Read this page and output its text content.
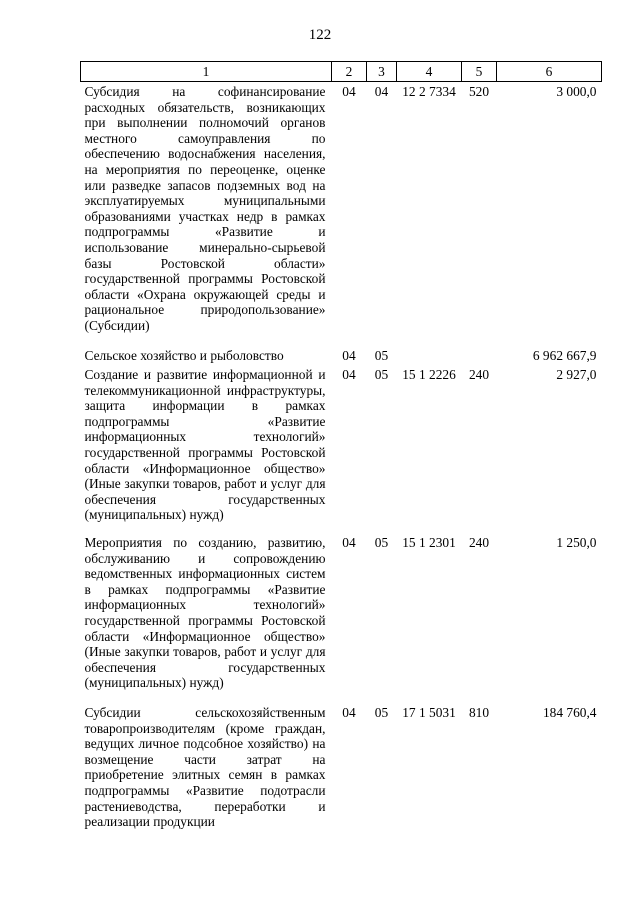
122
1	2	3	4	5	6
Субсидия на софинансирование расходных обязательств, возникающих при выполнении полномочий органов местного самоуправления по обеспечению водоснабжения населения, на мероприятия по переоценке, оценке или разведке запасов подземных вод на эксплуатируемых муниципальными образованиями участках недр в рамках подпрограммы «Развитие и использование минерально-сырьевой базы Ростовской области» государственной программы Ростовской области «Охрана окружающей среды и рациональное природопользование» (Субсидии)	04	04	12 2 7334	520	3 000,0
Сельское хозяйство и рыболовство	04	05			6 962 667,9
Создание и развитие информационной и телекоммуникационной инфраструктуры, защита информации в рамках подпрограммы «Развитие информационных технологий» государственной программы Ростовской области «Информационное общество» (Иные закупки товаров, работ и услуг для обеспечения государственных (муниципальных) нужд)	04	05	15 1 2226	240	2 927,0
Мероприятия по созданию, развитию, обслуживанию и сопровождению ведомственных информационных систем в рамках подпрограммы «Развитие информационных технологий» государственной программы Ростовской области «Информационное общество» (Иные закупки товаров, работ и услуг для обеспечения государственных (муниципальных) нужд)	04	05	15 1 2301	240	1 250,0
Субсидии сельскохозяйственным товаропроизводителям (кроме граждан, ведущих личное подсобное хозяйство) на возмещение части затрат на приобретение элитных семян в рамках подпрограммы «Развитие подотрасли растениеводства, переработки и реализации продукции	04	05	17 1 5031	810	184 760,4
